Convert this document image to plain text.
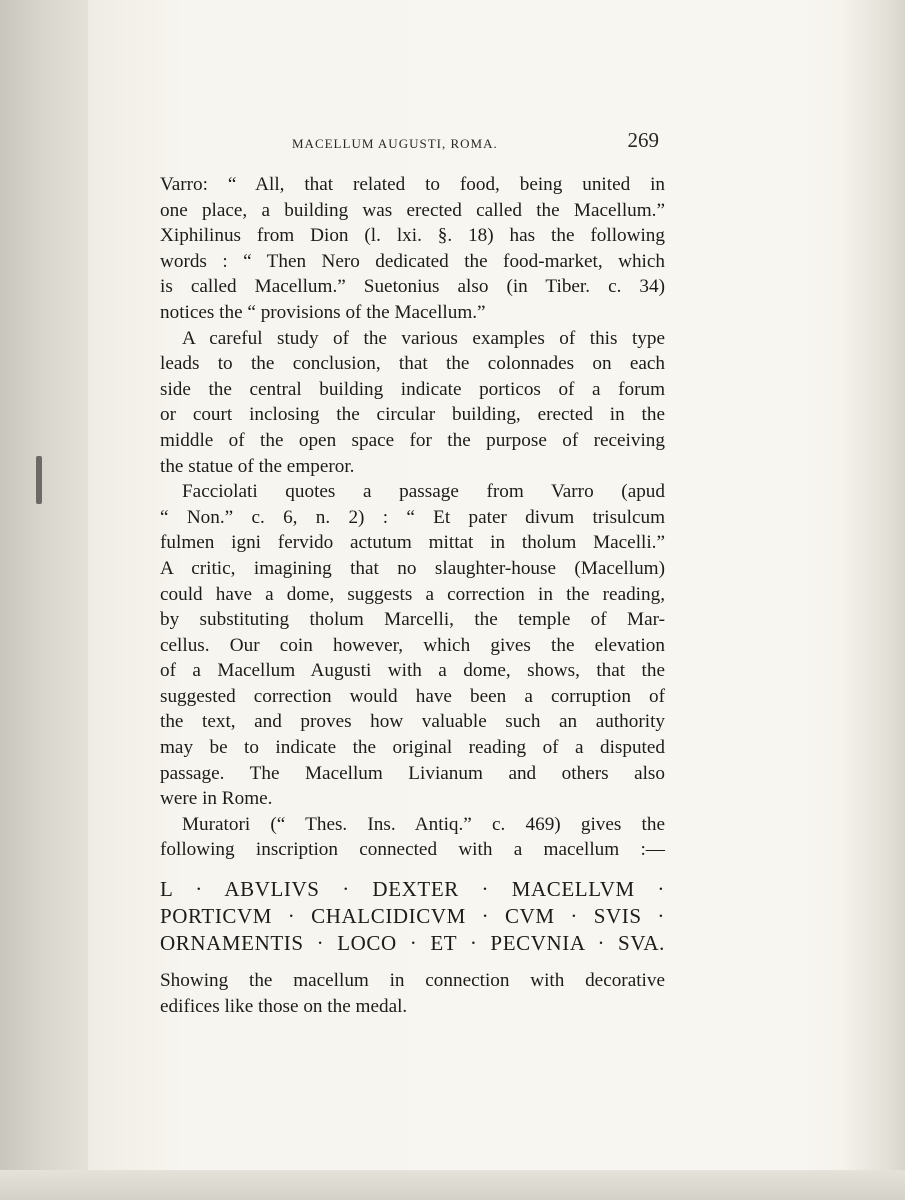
MACELLUM AUGUSTI, ROMA.	269
Varro: “ All, that related to food, being united in
one place, a building was erected called the Macellum.”
Xiphilinus from Dion (l. lxi. §. 18) has the following
words : “ Then Nero dedicated the food-market, which
is called Macellum.” Suetonius also (in Tiber. c. 34)
notices the “ provisions of the Macellum.”
A careful study of the various examples of this type
leads to the conclusion, that the colonnades on each
side the central building indicate porticos of a forum
or court inclosing the circular building, erected in the
middle of the open space for the purpose of receiving
the statue of the emperor.
Facciolati quotes a passage from Varro (apud
“ Non.” c. 6, n. 2) : “ Et pater divum trisulcum
fulmen igni fervido actutum mittat in tholum Macelli.”
A critic, imagining that no slaughter-house (Macellum)
could have a dome, suggests a correction in the reading,
by substituting tholum Marcelli, the temple of Mar-
cellus. Our coin however, which gives the elevation
of a Macellum Augusti with a dome, shows, that the
suggested correction would have been a corruption of
the text, and proves how valuable such an authority
may be to indicate the original reading of a disputed
passage. The Macellum Livianum and others also
were in Rome.
Muratori (“ Thes. Ins. Antiq.” c. 469) gives the
following inscription connected with a macellum :—
L · ABVLIVS · DEXTER · MACELLVM ·
PORTICVM · CHALCIDICVM · CVM · SVIS ·
ORNAMENTIS · LOCO · ET · PECVNIA · SVA.
Showing the macellum in connection with decorative
edifices like those on the medal.
